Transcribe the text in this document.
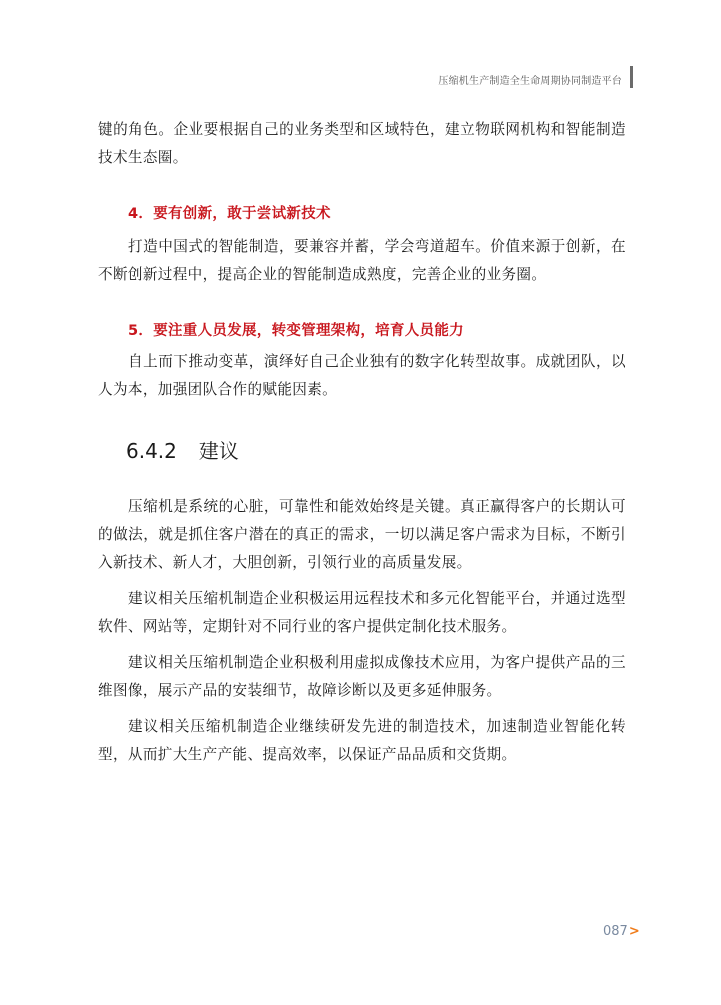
压缩机生产制造全生命周期协同制造平台

键的角色。企业要根据自己的业务类型和区域特色，建立物联网机构和智能制造技术生态圈。

4．要有创新，敢于尝试新技术

打造中国式的智能制造，要兼容并蓄，学会弯道超车。价值来源于创新，在不断创新过程中，提高企业的智能制造成熟度，完善企业的业务圈。

5．要注重人员发展，转变管理架构，培育人员能力

自上而下推动变革，演绎好自己企业独有的数字化转型故事。成就团队，以人为本，加强团队合作的赋能因素。

6.4.2 建议

压缩机是系统的心脏，可靠性和能效始终是关键。真正赢得客户的长期认可的做法，就是抓住客户潜在的真正的需求，一切以满足客户需求为目标，不断引入新技术、新人才，大胆创新，引领行业的高质量发展。

建议相关压缩机制造企业积极运用远程技术和多元化智能平台，并通过选型软件、网站等，定期针对不同行业的客户提供定制化技术服务。

建议相关压缩机制造企业积极利用虚拟成像技术应用，为客户提供产品的三维图像，展示产品的安装细节，故障诊断以及更多延伸服务。

建议相关压缩机制造企业继续研发先进的制造技术，加速制造业智能化转型，从而扩大生产产能、提高效率，以保证产品品质和交货期。

087 >
